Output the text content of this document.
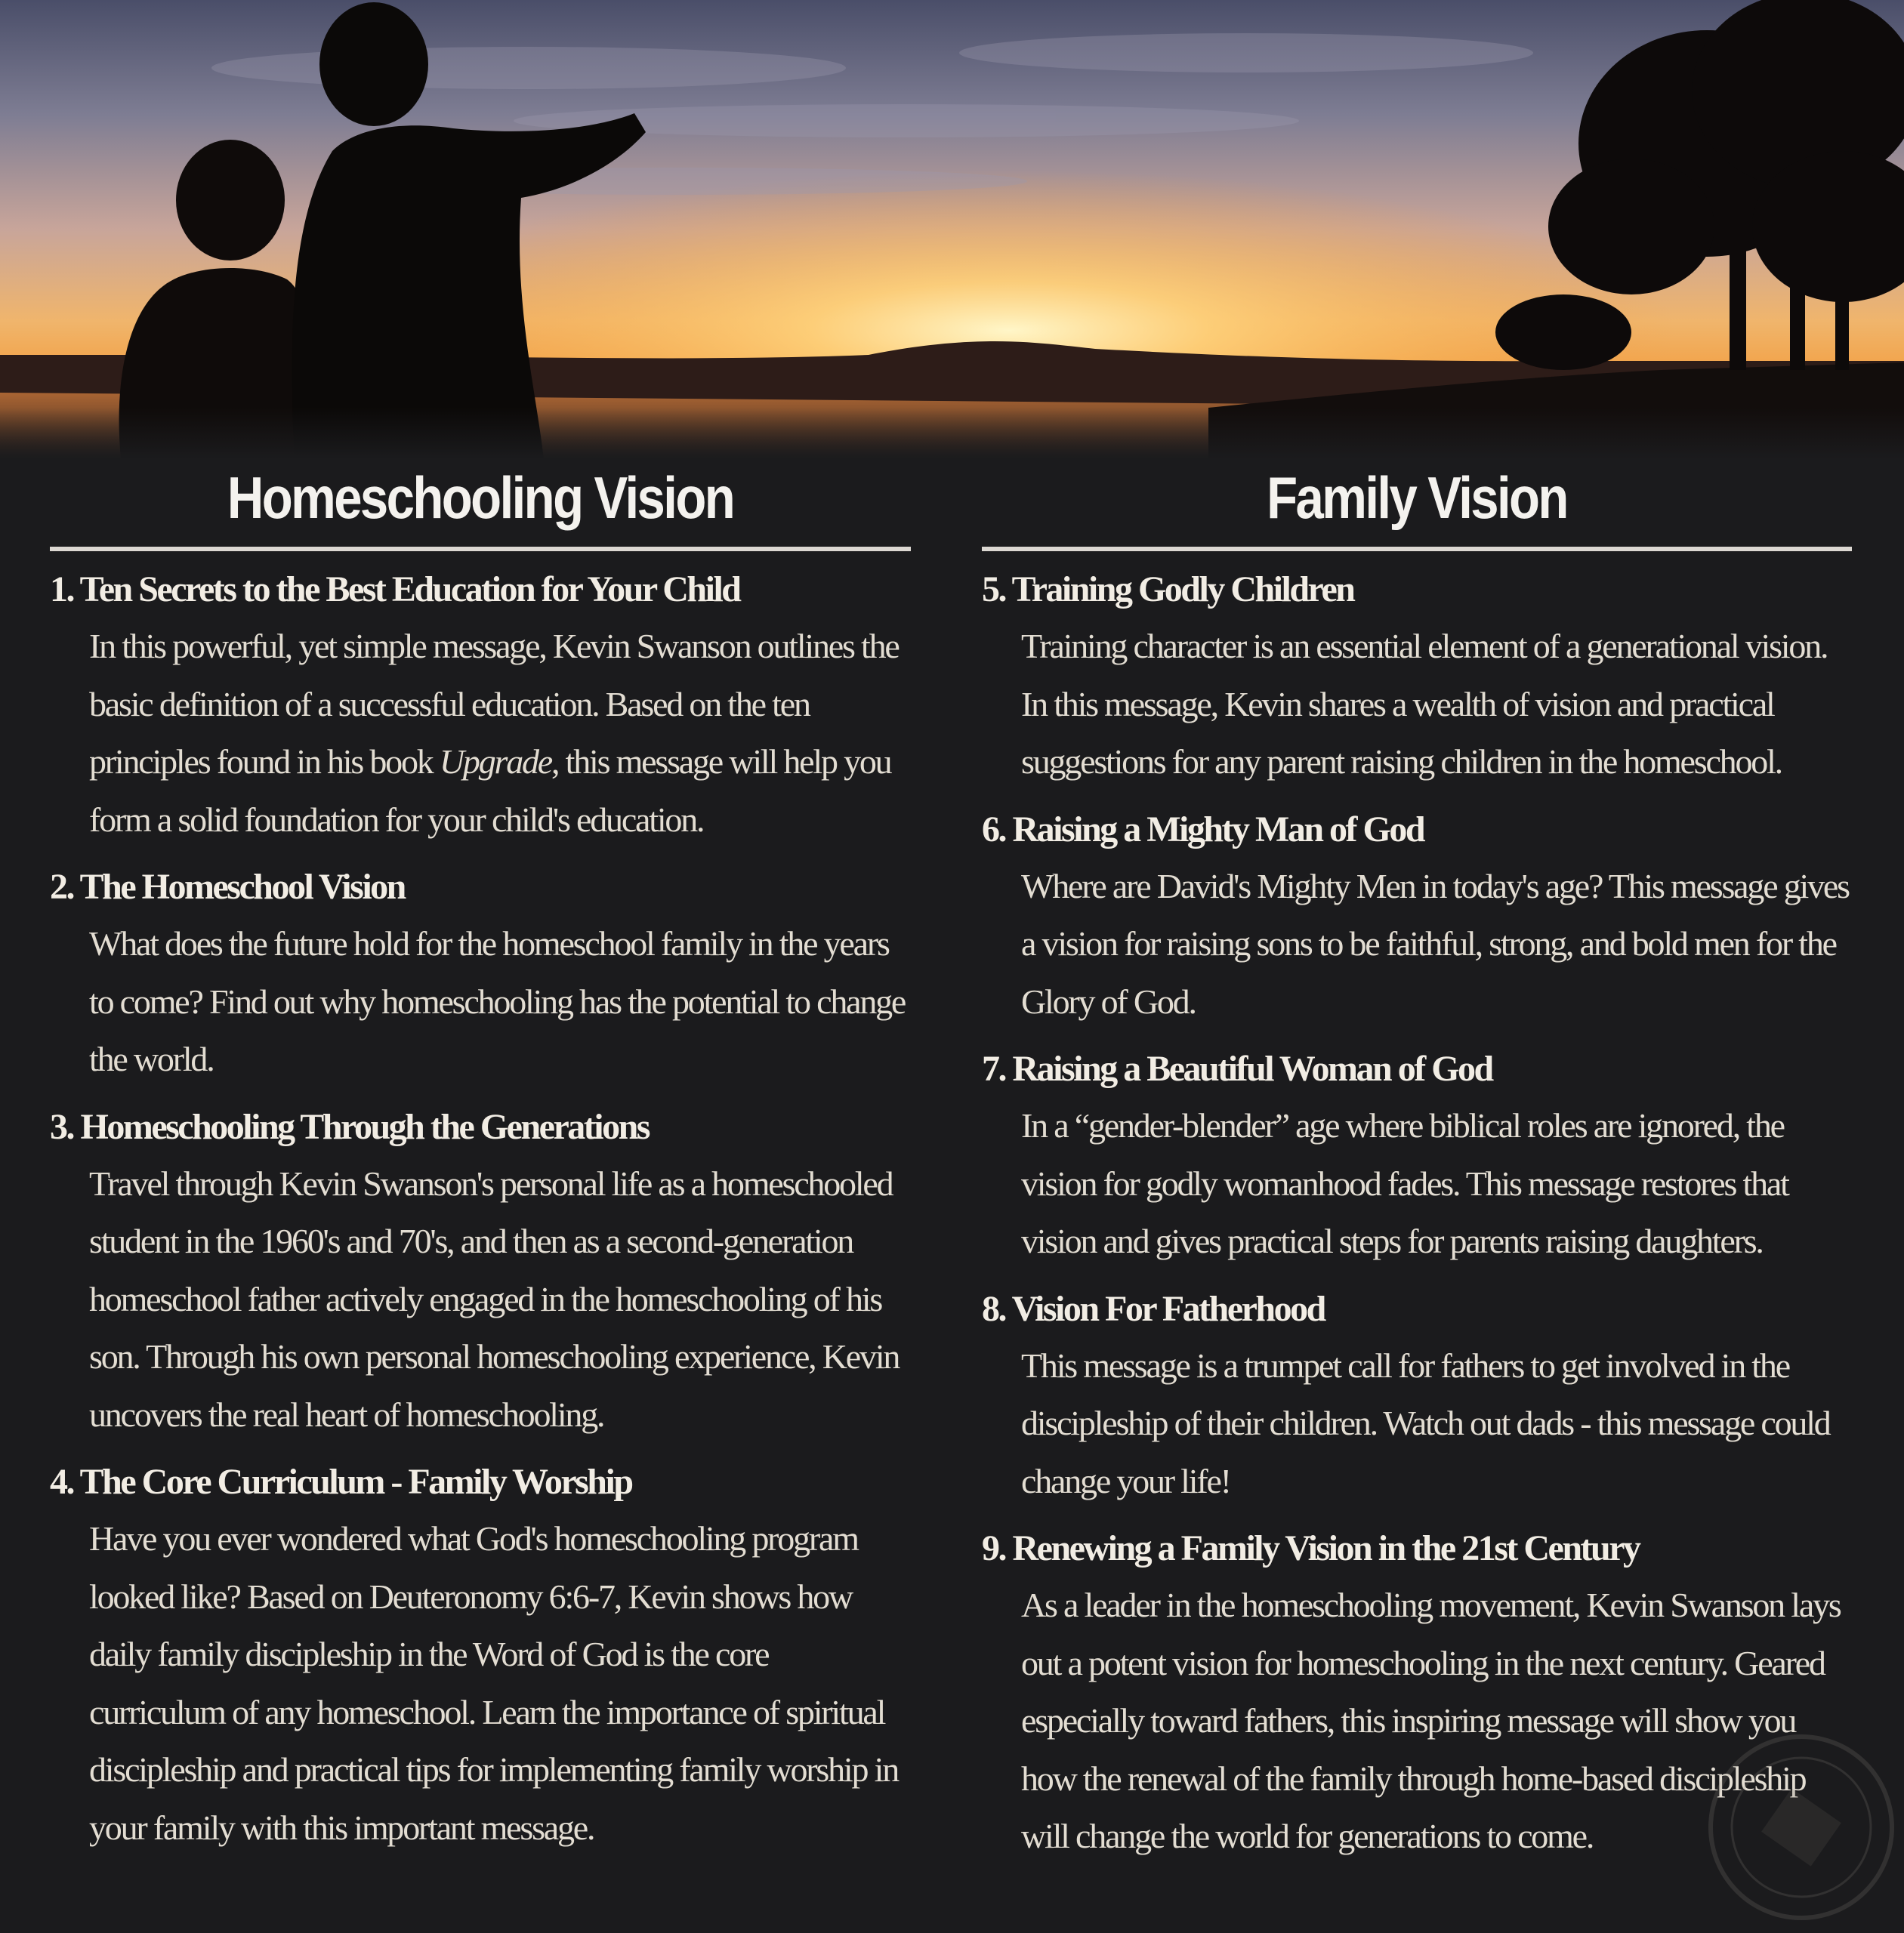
Homeschooling Vision

1. Ten Secrets to the Best Education for Your Child

In this powerful, yet simple message, Kevin Swanson outlines the basic definition of a successful education. Based on the ten principles found in his book Upgrade, this message will help you form a solid foundation for your child's education.

2. The Homeschool Vision

What does the future hold for the homeschool family in the years to come? Find out why homeschooling has the potential to change the world.

3. Homeschooling Through the Generations

Travel through Kevin Swanson's personal life as a homeschooled student in the 1960's and 70's, and then as a second-generation homeschool father actively engaged in the homeschooling of his son. Through his own personal homeschooling experience, Kevin uncovers the real heart of homeschooling.

4. The Core Curriculum - Family Worship

Have you ever wondered what God's homeschooling program looked like? Based on Deuteronomy 6:6-7, Kevin shows how daily family discipleship in the Word of God is the core curriculum of any homeschool. Learn the importance of spiritual discipleship and practical tips for implementing family worship in your family with this important message.

Family Vision

5. Training Godly Children

Training character is an essential element of a generational vision. In this message, Kevin shares a wealth of vision and practical suggestions for any parent raising children in the homeschool.

6. Raising a Mighty Man of God

Where are David's Mighty Men in today's age? This message gives a vision for raising sons to be faithful, strong, and bold men for the Glory of God.

7. Raising a Beautiful Woman of God

In a “gender-blender” age where biblical roles are ignored, the vision for godly womanhood fades. This message restores that vision and gives practical steps for parents raising daughters.

8. Vision For Fatherhood

This message is a trumpet call for fathers to get involved in the discipleship of their children. Watch out dads - this message could change your life!

9. Renewing a Family Vision in the 21st Century

As a leader in the homeschooling movement, Kevin Swanson lays out a potent vision for homeschooling in the next century. Geared especially toward fathers, this inspiring message will show you how the renewal of the family through home-based discipleship will change the world for generations to come.
